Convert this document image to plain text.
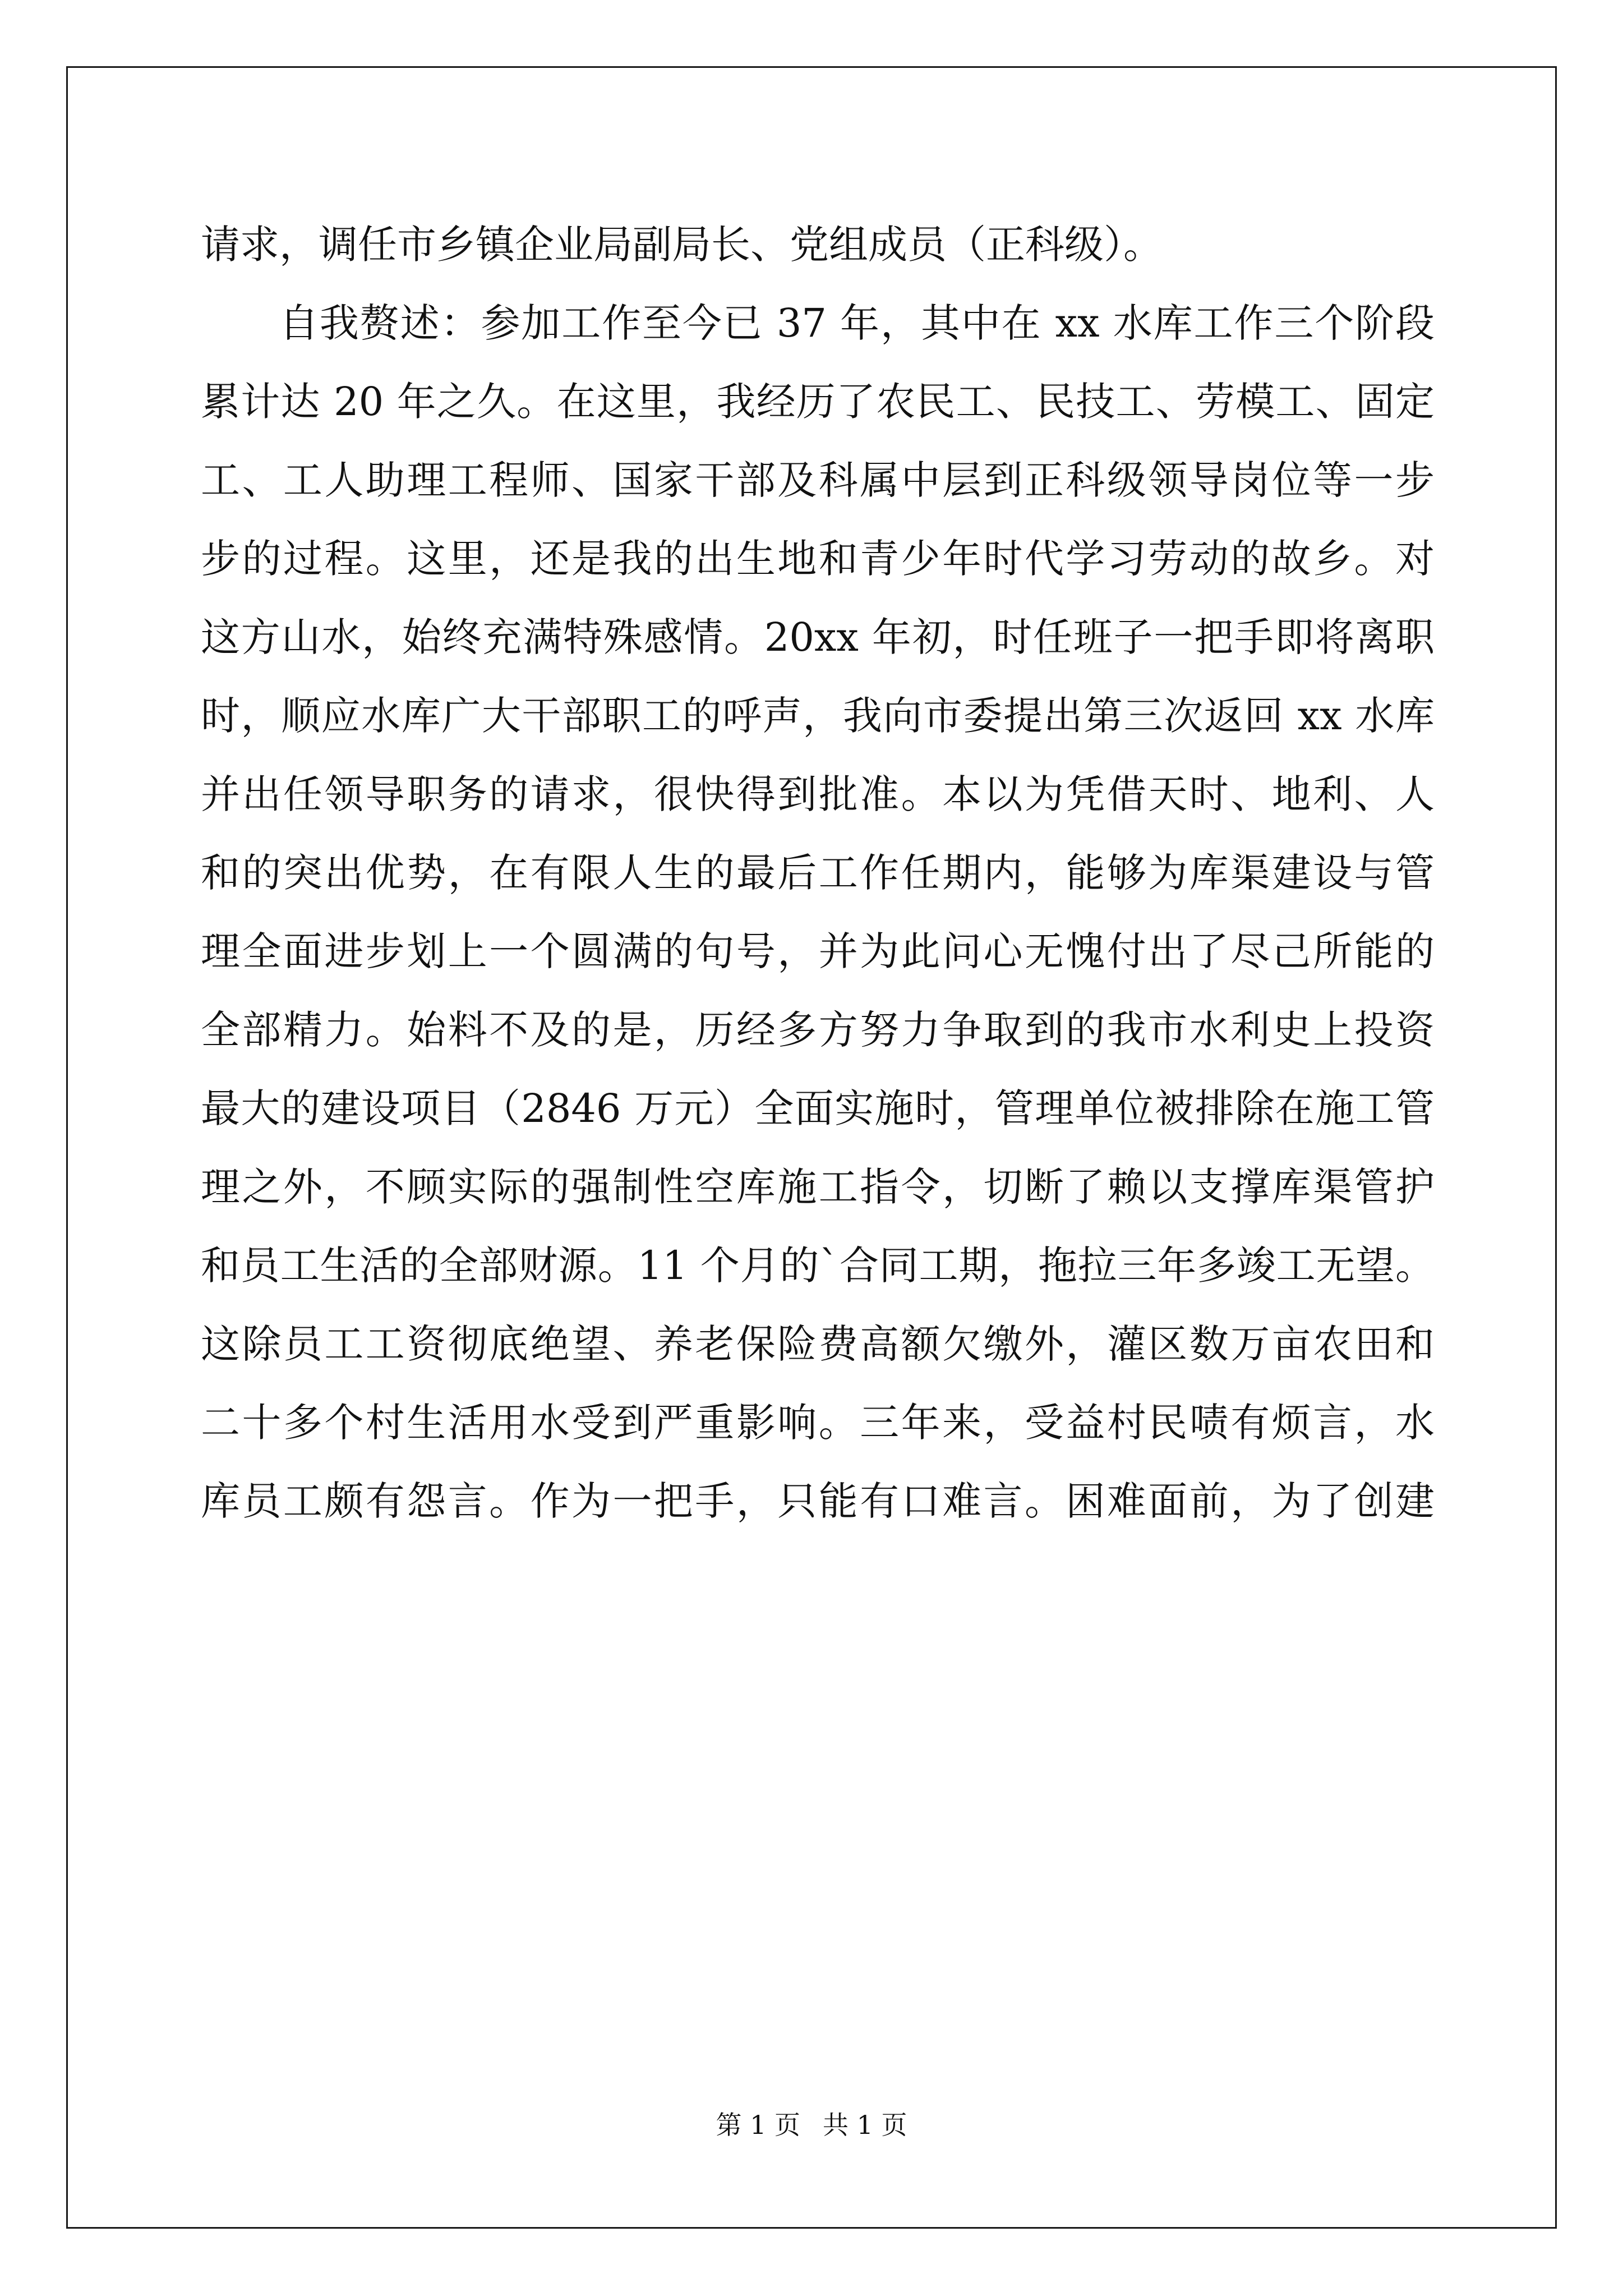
请求，调任市乡镇企业局副局长、党组成员（正科级）。

自我赘述：参加工作至今已 37 年，其中在 xx 水库工作三个阶段

累计达 20 年之久。在这里，我经历了农民工、民技工、劳模工、固定

工、工人助理工程师、国家干部及科属中层到正科级领导岗位等一步

步的过程。这里，还是我的出生地和青少年时代学习劳动的故乡。对

这方山水，始终充满特殊感情。20xx 年初，时任班子一把手即将离职

时，顺应水库广大干部职工的呼声，我向市委提出第三次返回 xx 水库

并出任领导职务的请求，很快得到批准。本以为凭借天时、地利、人

和的突出优势，在有限人生的最后工作任期内，能够为库渠建设与管

理全面进步划上一个圆满的句号，并为此问心无愧付出了尽己所能的

全部精力。始料不及的是，历经多方努力争取到的我市水利史上投资

最大的建设项目（2846 万元）全面实施时，管理单位被排除在施工管

理之外，不顾实际的强制性空库施工指令，切断了赖以支撑库渠管护

和员工生活的全部财源。11 个月的`合同工期，拖拉三年多竣工无望。

这除员工工资彻底绝望、养老保险费高额欠缴外，灌区数万亩农田和

二十多个村生活用水受到严重影响。三年来，受益村民啧有烦言，水

库员工颇有怨言。作为一把手，只能有口难言。困难面前，为了创建

第 1 页 共 1 页
